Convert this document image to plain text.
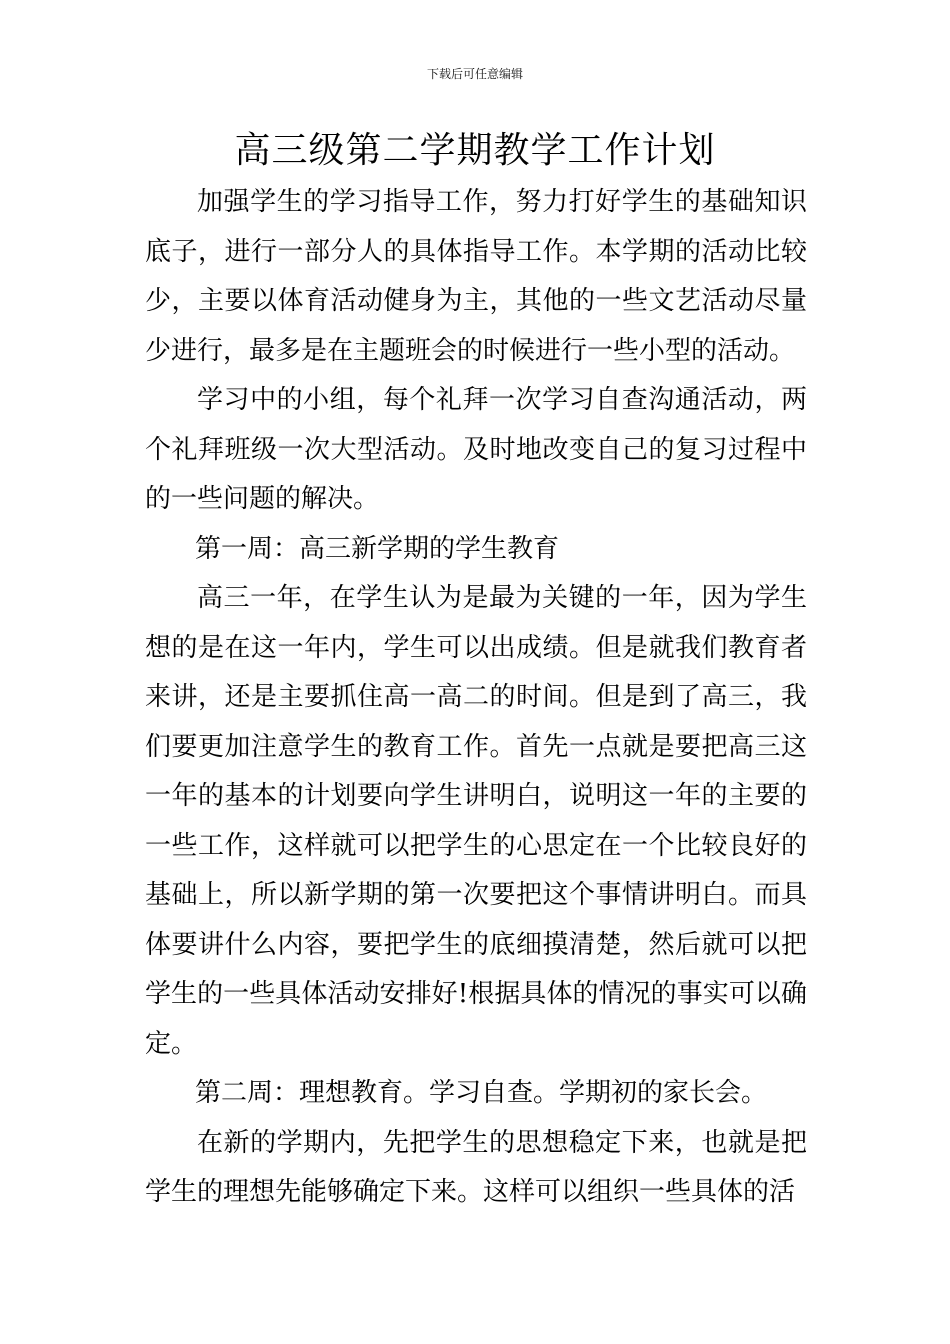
下载后可任意编辑
高三级第二学期教学工作计划

加强学生的学习指导工作，努力打好学生的基础知识底子，进行一部分人的具体指导工作。本学期的活动比较少，主要以体育活动健身为主，其他的一些文艺活动尽量少进行，最多是在主题班会的时候进行一些小型的活动。

学习中的小组，每个礼拜一次学习自查沟通活动，两个礼拜班级一次大型活动。及时地改变自己的复习过程中的一些问题的解决。

第一周：高三新学期的学生教育

高三一年，在学生认为是最为关键的一年，因为学生想的是在这一年内，学生可以出成绩。但是就我们教育者来讲，还是主要抓住高一高二的时间。但是到了高三，我们要更加注意学生的教育工作。首先一点就是要把高三这一年的基本的计划要向学生讲明白，说明这一年的主要的一些工作，这样就可以把学生的心思定在一个比较良好的基础上，所以新学期的第一次要把这个事情讲明白。而具体要讲什么内容，要把学生的底细摸清楚，然后就可以把学生的一些具体活动安排好!根据具体的情况的事实可以确定。

第二周：理想教育。学习自查。学期初的家长会。

在新的学期内，先把学生的思想稳定下来，也就是把学生的理想先能够确定下来。这样可以组织一些具体的活
